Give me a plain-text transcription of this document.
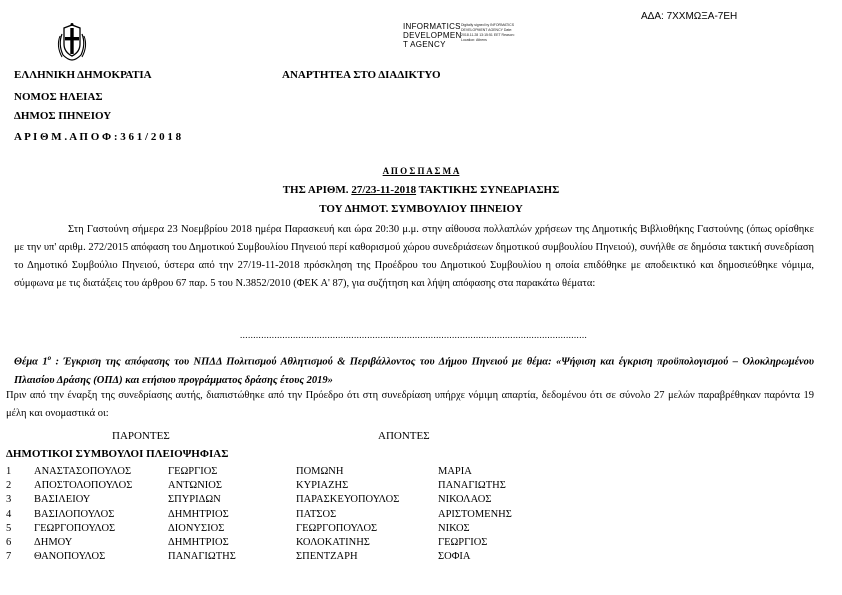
ΑΔΑ: 7ΧΧΜΩΞΑ-7ΕΗ
INFORMATICS
DEVELOPMEN
T AGENCY
Digitally signed by INFORMATICS DEVELOPMENT AGENCY Date: 2018.11.28 13:15:51 EET Reason: Location: Athens
ΕΛΛΗΝΙΚΗ ΔΗΜΟΚΡΑΤΙΑ
ΝΟΜΟΣ ΗΛΕΙΑΣ
ΔΗΜΟΣ ΠΗΝΕΙΟΥ
Α Ρ Ι Θ Μ . Α Π Ο Φ : 3 6 1 / 2 0 1 8
ΑΝΑΡΤΗΤΕΑ ΣΤΟ ΔΙΑΔΙΚΤΥΟ
Α Π Ο Σ Π Α Σ Μ Α
ΤΗΣ ΑΡΙΘΜ. 27/23-11-2018 ΤΑΚΤΙΚΗΣ ΣΥΝΕΔΡΙΑΣΗΣ
ΤΟΥ ΔΗΜΟΤ. ΣΥΜΒΟΥΛΙΟΥ ΠΗΝΕΙΟΥ
Στη Γαστούνη σήμερα 23 Νοεμβρίου 2018 ημέρα Παρασκευή και ώρα 20:30 μ.μ. στην αίθουσα πολλαπλών χρήσεων της Δημοτικής Βιβλιοθήκης Γαστούνης (όπως ορίσθηκε με την υπ' αριθμ. 272/2015 απόφαση του Δημοτικού Συμβουλίου Πηνειού περί καθορισμού χώρου συνεδριάσεων δημοτικού συμβουλίου Πηνειού), συνήλθε σε δημόσια τακτική συνεδρίαση το Δημοτικό Συμβούλιο Πηνειού, ύστερα από την 27/19-11-2018 πρόσκληση της Προέδρου του Δημοτικού Συμβουλίου η οποία επιδόθηκε με αποδεικτικό και δημοσιεύθηκε νόμιμα, σύμφωνα με τις διατάξεις του άρθρου 67 παρ. 5 του Ν.3852/2010 (ΦΕΚ Α' 87), για συζήτηση και λήψη απόφασης στα παρακάτω θέματα:
...................................................................................................................................
Θέμα $1^o$ : Έγκριση της απόφασης του ΝΠΔΔ Πολιτισμού Αθλητισμού & Περιβάλλοντος του Δήμου Πηνειού με θέμα: «Ψήφιση και έγκριση προϋπολογισμού – Ολοκληρωμένου Πλαισίου Δράσης (ΟΠΔ) και ετήσιου προγράμματος δράσης έτους 2019»
Πριν από την έναρξη της συνεδρίασης αυτής, διαπιστώθηκε από την Πρόεδρο ότι στη συνεδρίαση υπήρχε νόμιμη απαρτία, δεδομένου ότι σε σύνολο 27 μελών παραβρέθηκαν παρόντα 19 μέλη και ονομαστικά οι:
ΠΑΡΟΝΤΕΣ	ΑΠΟΝΤΕΣ
ΔΗΜΟΤΙΚΟΙ ΣΥΜΒΟΥΛΟΙ ΠΛΕΙΟΨΗΦΙΑΣ
1
2
3
4
5
6
7
ΑΝΑΣΤΑΣΟΠΟΥΛΟΣ
ΑΠΟΣΤΟΛΟΠΟΥΛΟΣ
ΒΑΣΙΛΕΙΟΥ
ΒΑΣΙΛΟΠΟΥΛΟΣ
ΓΕΩΡΓΟΠΟΥΛΟΣ
ΔΗΜΟΥ
ΘΑΝΟΠΟΥΛΟΣ
ΓΕΩΡΓΙΟΣ
ΑΝΤΩΝΙΟΣ
ΣΠΥΡΙΔΩΝ
ΔΗΜΗΤΡΙΟΣ
ΔΙΟΝΥΣΙΟΣ
ΔΗΜΗΤΡΙΟΣ
ΠΑΝΑΓΙΩΤΗΣ
ΠΟΜΩΝΗ
ΚΥΡΙΑΖΗΣ
ΠΑΡΑΣΚΕΥΟΠΟΥΛΟΣ
ΠΑΤΣΟΣ
ΓΕΩΡΓΟΠΟΥΛΟΣ
ΚΟΛΟΚΑΤΙΝΗΣ
ΣΠΕΝΤΖΑΡΗ
ΜΑΡΙΑ
ΠΑΝΑΓΙΩΤΗΣ
ΝΙΚΟΛΑΟΣ
ΑΡΙΣΤΟΜΕΝΗΣ
ΝΙΚΟΣ
ΓΕΩΡΓΙΟΣ
ΣΟΦΙΑ
